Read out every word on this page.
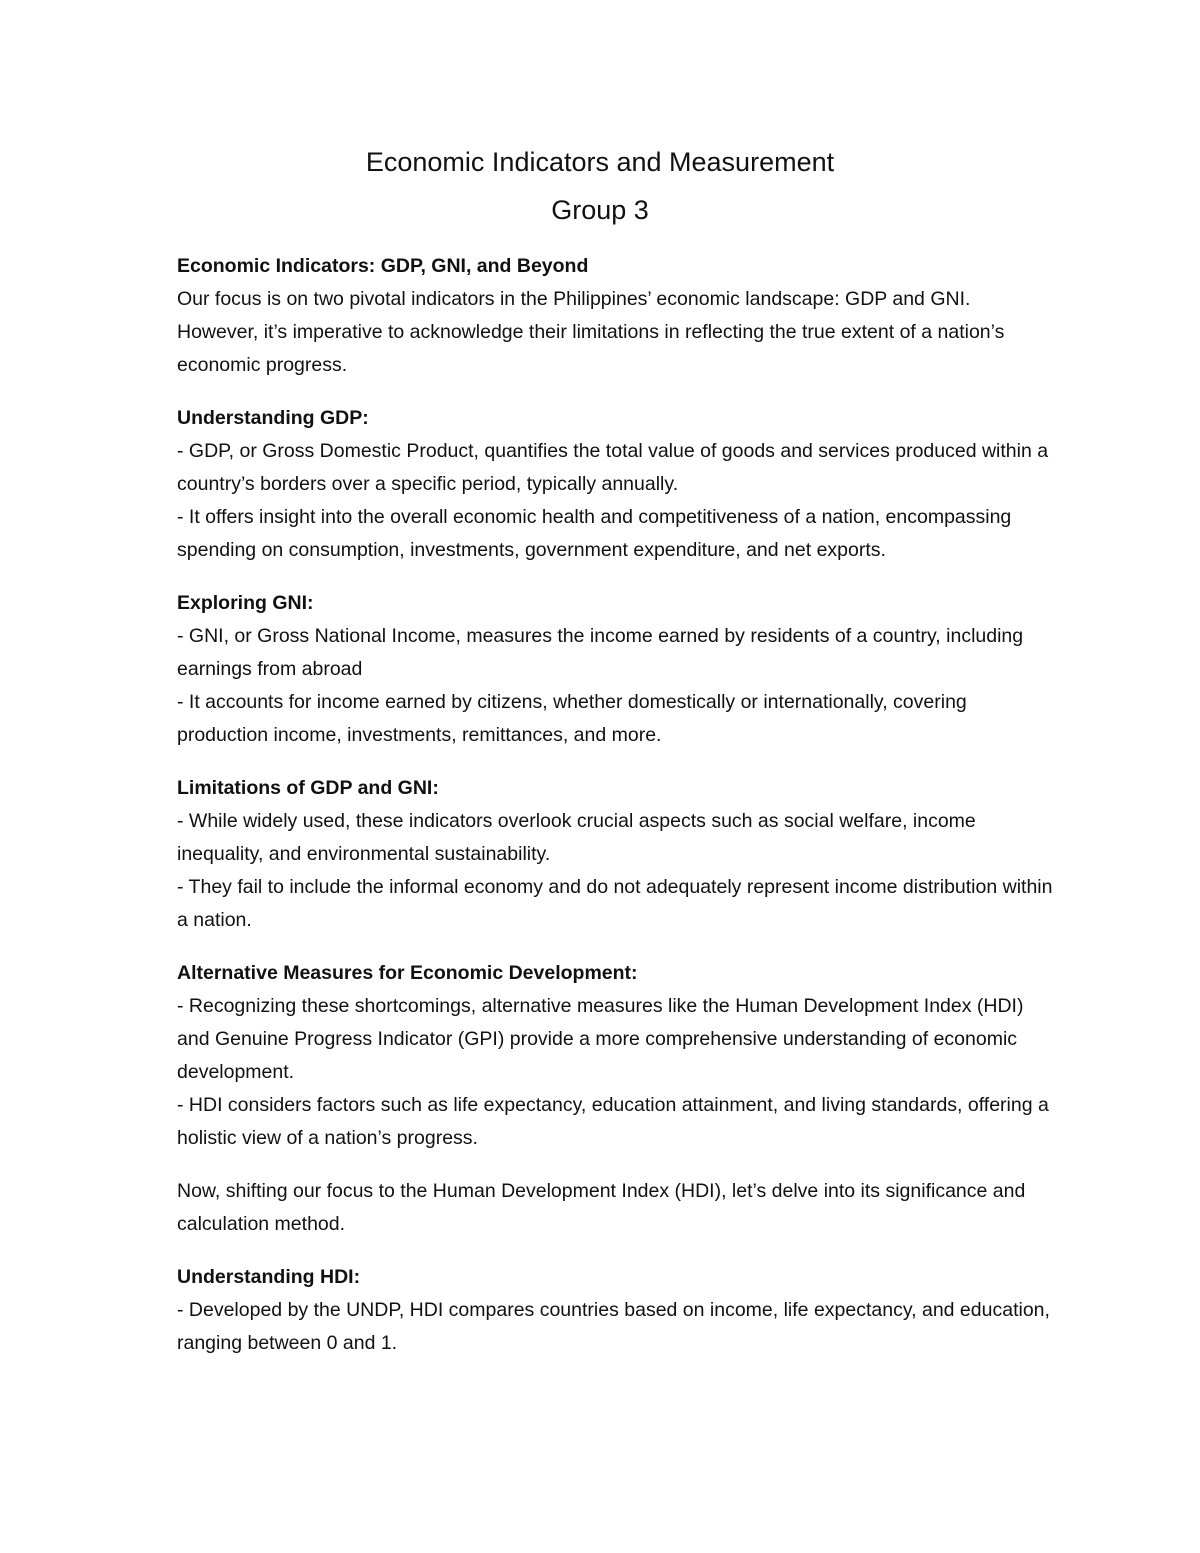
Economic Indicators and Measurement
Group 3

Economic Indicators: GDP, GNI, and Beyond

Our focus is on two pivotal indicators in the Philippines’ economic landscape: GDP and GNI. However, it’s imperative to acknowledge their limitations in reflecting the true extent of a nation’s economic progress.

Understanding GDP:

- GDP, or Gross Domestic Product, quantifies the total value of goods and services produced within a country’s borders over a specific period, typically annually.

- It offers insight into the overall economic health and competitiveness of a nation, encompassing spending on consumption, investments, government expenditure, and net exports.

Exploring GNI:

- GNI, or Gross National Income, measures the income earned by residents of a country, including earnings from abroad

- It accounts for income earned by citizens, whether domestically or internationally, covering production income, investments, remittances, and more.

Limitations of GDP and GNI:

- While widely used, these indicators overlook crucial aspects such as social welfare, income inequality, and environmental sustainability.

- They fail to include the informal economy and do not adequately represent income distribution within a nation.

Alternative Measures for Economic Development:

- Recognizing these shortcomings, alternative measures like the Human Development Index (HDI) and Genuine Progress Indicator (GPI) provide a more comprehensive understanding of economic development.

- HDI considers factors such as life expectancy, education attainment, and living standards, offering a holistic view of a nation’s progress.

Now, shifting our focus to the Human Development Index (HDI), let’s delve into its significance and calculation method.

Understanding HDI:

- Developed by the UNDP, HDI compares countries based on income, life expectancy, and education, ranging between 0 and 1.
